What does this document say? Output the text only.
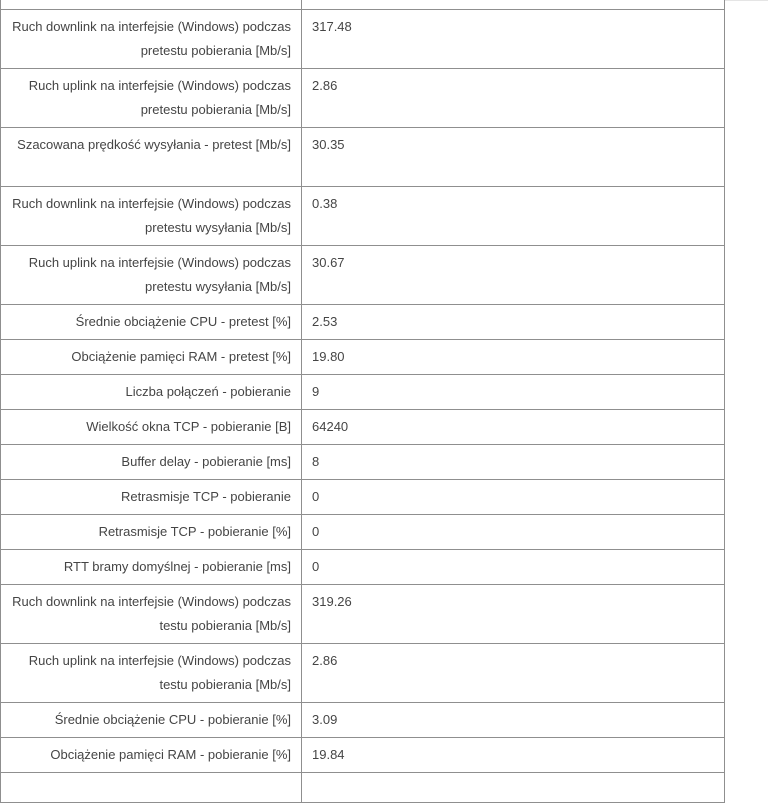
Ruch downlink na interfejsie (Windows) podczas pretestu pobierania [Mb/s]	317.48
Ruch uplink na interfejsie (Windows) podczas pretestu pobierania [Mb/s]	2.86
Szacowana prędkość wysyłania - pretest [Mb/s]	30.35
Ruch downlink na interfejsie (Windows) podczas pretestu wysyłania [Mb/s]	0.38
Ruch uplink na interfejsie (Windows) podczas pretestu wysyłania [Mb/s]	30.67
Średnie obciążenie CPU - pretest [%]	2.53
Obciążenie pamięci RAM - pretest [%]	19.80
Liczba połączeń - pobieranie	9
Wielkość okna TCP - pobieranie [B]	64240
Buffer delay - pobieranie [ms]	8
Retrasmisje TCP - pobieranie	0
Retrasmisje TCP - pobieranie [%]	0
RTT bramy domyślnej - pobieranie [ms]	0
Ruch downlink na interfejsie (Windows) podczas testu pobierania [Mb/s]	319.26
Ruch uplink na interfejsie (Windows) podczas testu pobierania [Mb/s]	2.86
Średnie obciążenie CPU - pobieranie [%]	3.09
Obciążenie pamięci RAM - pobieranie [%]	19.84
